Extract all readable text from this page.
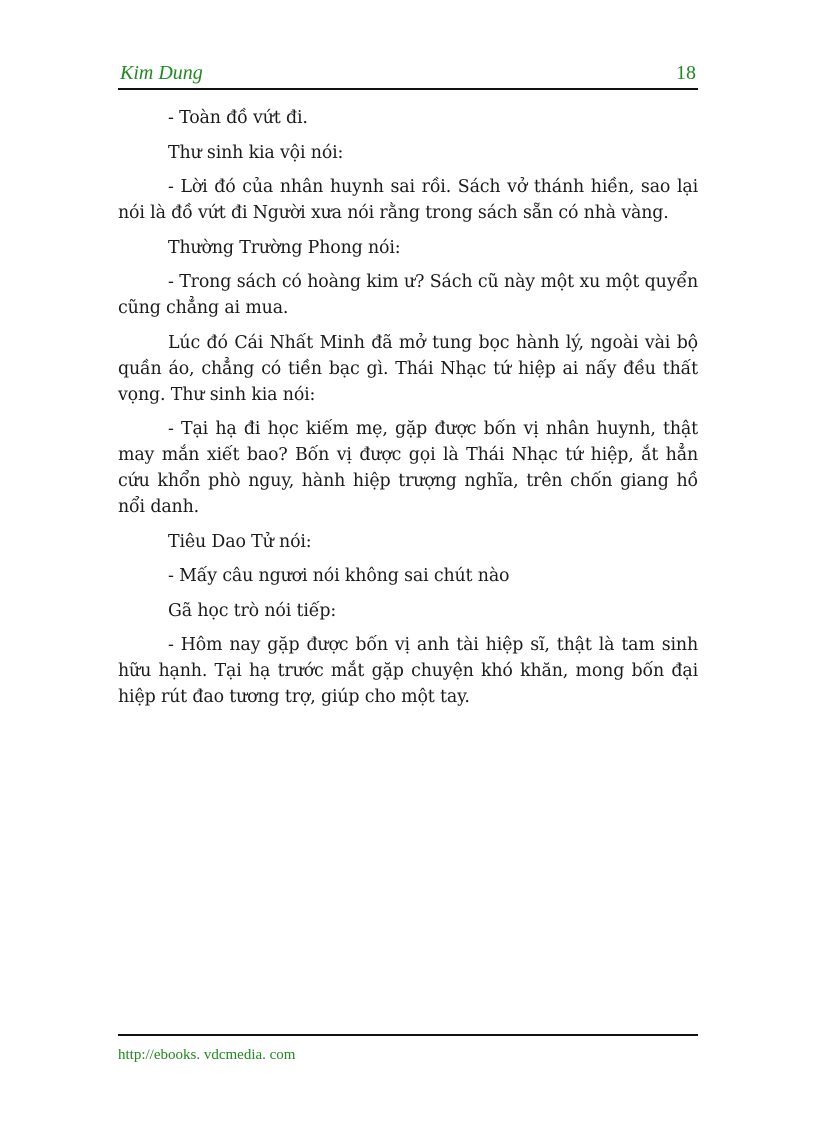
Kim Dung	18

- Toàn đồ vứt đi.

Thư sinh kia vội nói:

- Lời đó của nhân huynh sai rồi. Sách vở thánh hiền, sao lại nói là đồ vứt đi Người xưa nói rằng trong sách sẵn có nhà vàng.

Thường Trường Phong nói:

- Trong sách có hoàng kim ư? Sách cũ này một xu một quyển cũng chẳng ai mua.

Lúc đó Cái Nhất Minh đã mở tung bọc hành lý, ngoài vài bộ quần áo, chẳng có tiền bạc gì. Thái Nhạc tứ hiệp ai nấy đều thất vọng. Thư sinh kia nói:

- Tại hạ đi học kiếm mẹ, gặp được bốn vị nhân huynh, thật may mắn xiết bao? Bốn vị được gọi là Thái Nhạc tứ hiệp, ắt hẳn cứu khổn phò nguy, hành hiệp trượng nghĩa, trên chốn giang hồ nổi danh.

Tiêu Dao Tử nói:

- Mấy câu ngươi nói không sai chút nào

Gã học trò nói tiếp:

- Hôm nay gặp được bốn vị anh tài hiệp sĩ, thật là tam sinh hữu hạnh. Tại hạ trước mắt gặp chuyện khó khăn, mong bốn đại hiệp rút đao tương trợ, giúp cho một tay.

http://ebooks. vdcmedia. com
